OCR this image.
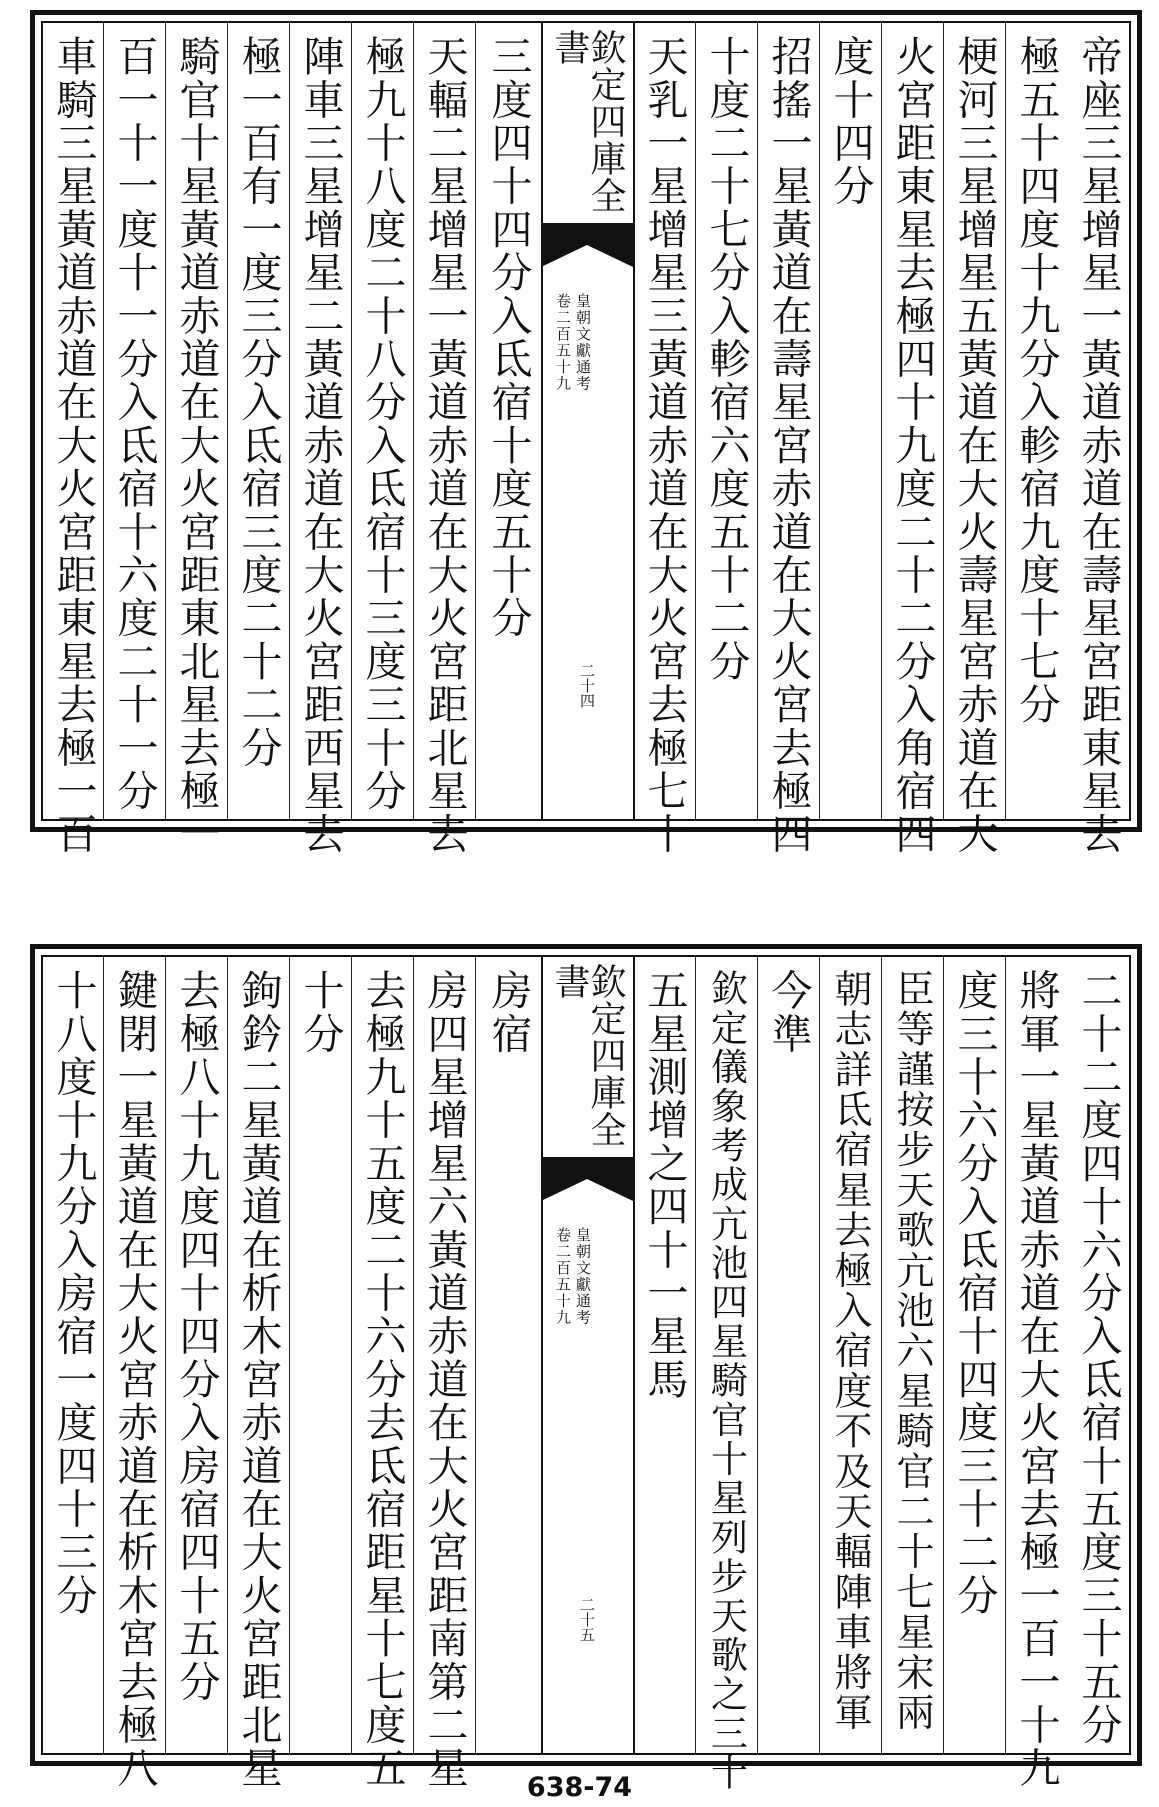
帝座三星增星一黃道赤道在壽星宮距東星去
極五十四度十九分入軫宿九度十七分
梗河三星增星五黃道在大火壽星宮赤道在大
火宮距東星去極四十九度二十二分入角宿四
度十四分
招搖一星黃道在壽星宮赤道在大火宮去極四
十度二十七分入軫宿六度五十二分
天乳一星增星三黃道赤道在大火宮去極七十
欽定四庫全書
皇朝文獻通考
卷二百五十九
二十四
三度四十四分入氐宿十度五十分
天輻二星增星一黃道赤道在大火宮距北星去
極九十八度二十八分入氐宿十三度三十分
陣車三星增星二黃道赤道在大火宮距西星去
極一百有一度三分入氐宿三度二十二分
騎官十星黃道赤道在大火宮距東北星去極一
百一十一度十一分入氐宿十六度二十一分
車騎三星黃道赤道在大火宮距東星去極一百
二十二度四十六分入氐宿十五度三十五分
將軍一星黃道赤道在大火宮去極一百一十九
度三十六分入氐宿十四度三十二分
臣等謹按步天歌亢池六星騎官二十七星宋兩
朝志詳氐宿星去極入宿度不及天輻陣車將軍
今準
欽定儀象考成亢池四星騎官十星列步天歌之三十
五星測增之四十一星馬
欽定四庫全書
皇朝文獻通考
卷二百五十九
二十五
房宿
房四星增星六黃道赤道在大火宮距南第二星
去極九十五度二十六分去氐宿距星十七度五
十分
鉤鈐二星黃道在析木宮赤道在大火宮距北星
去極八十九度四十四分入房宿四十五分
鍵閉一星黃道在大火宮赤道在析木宮去極八
十八度十九分入房宿一度四十三分
638-74
